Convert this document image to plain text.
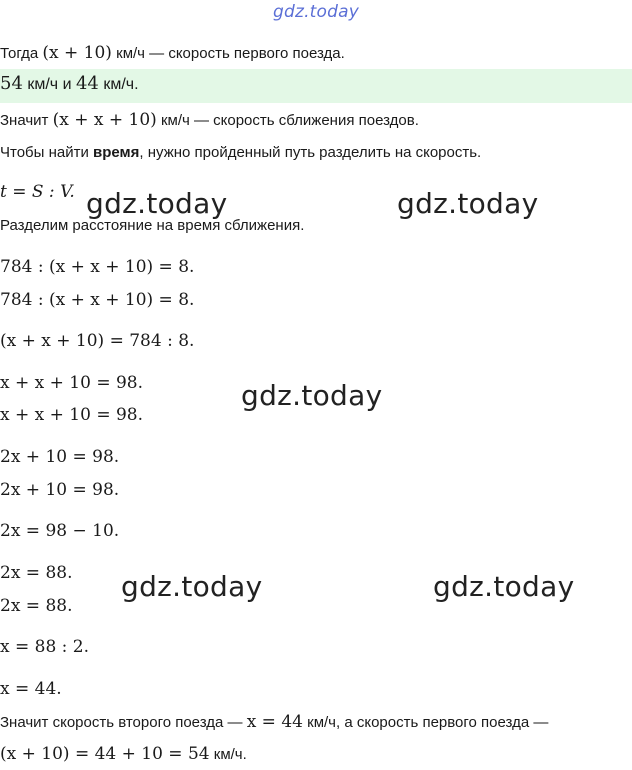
gdz.today
Тогда (x + 10) км/ч — скорость первого поезда.
54 км/ч и 44 км/ч.
Значит (x + x + 10) км/ч — скорость сближения поездов.
Чтобы найти время, нужно пройденный путь разделить на скорость.
t = S : V.
Разделим расстояние на время сближения.
784 : (x + x + 10) = 8.
784 : (x + x + 10) = 8.
(x + x + 10) = 784 : 8.
x + x + 10 = 98.
x + x + 10 = 98.
2x + 10 = 98.
2x + 10 = 98.
2x = 98 − 10.
2x = 88.
2x = 88.
x = 88 : 2.
x = 44.
Значит скорость второго поезда — x = 44 км/ч, а скорость первого поезда —
(x + 10) = 44 + 10 = 54 км/ч.
gdz.today	gdz.today
gdz.today
gdz.today	gdz.today
